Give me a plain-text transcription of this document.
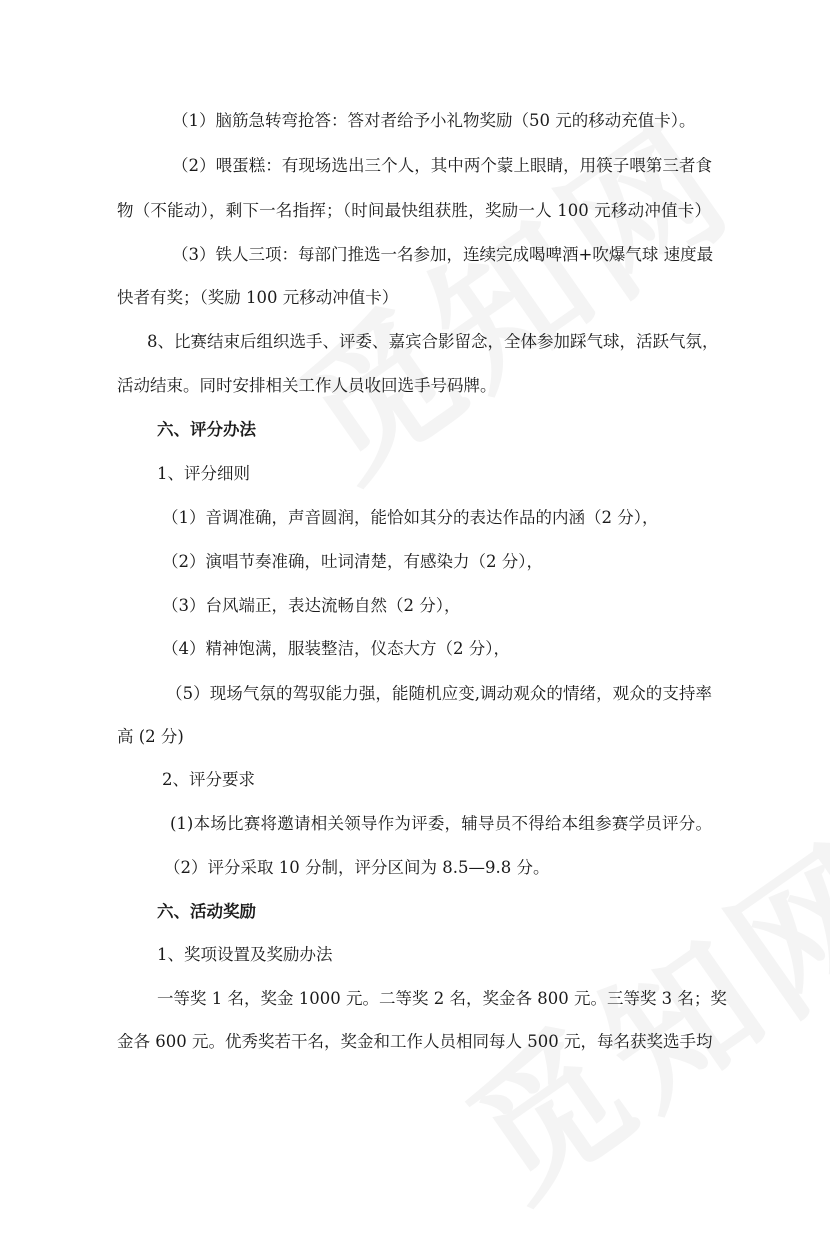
（1）脑筋急转弯抢答：答对者给予小礼物奖励（50 元的移动充值卡）。
（2）喂蛋糕：有现场选出三个人，其中两个蒙上眼睛，用筷子喂第三者食
物（不能动），剩下一名指挥；（时间最快组获胜，奖励一人 100 元移动冲值卡）
（3）铁人三项：每部门推选一名参加，连续完成喝啤酒+吹爆气球 速度最
快者有奖；（奖励 100 元移动冲值卡）
8、比赛结束后组织选手、评委、嘉宾合影留念，全体参加踩气球，活跃气氛，
活动结束。同时安排相关工作人员收回选手号码牌。
六、评分办法
1、评分细则
（1）音调准确，声音圆润，能恰如其分的表达作品的内涵（2 分），
（2）演唱节奏准确，吐词清楚，有感染力（2 分），
（3）台风端正，表达流畅自然（2 分），
（4）精神饱满，服装整洁，仪态大方（2 分），
（5）现场气氛的驾驭能力强，能随机应变,调动观众的情绪，观众的支持率
高 (2 分)
2、评分要求
(1)本场比赛将邀请相关领导作为评委，辅导员不得给本组参赛学员评分。
（2）评分采取 10 分制，评分区间为 8.5—9.8 分。
六、活动奖励
1、奖项设置及奖励办法
一等奖 1 名，奖金 1000 元。二等奖 2 名，奖金各 800 元。三等奖 3 名；奖
金各 600 元。优秀奖若干名，奖金和工作人员相同每人 500 元，每名获奖选手均
